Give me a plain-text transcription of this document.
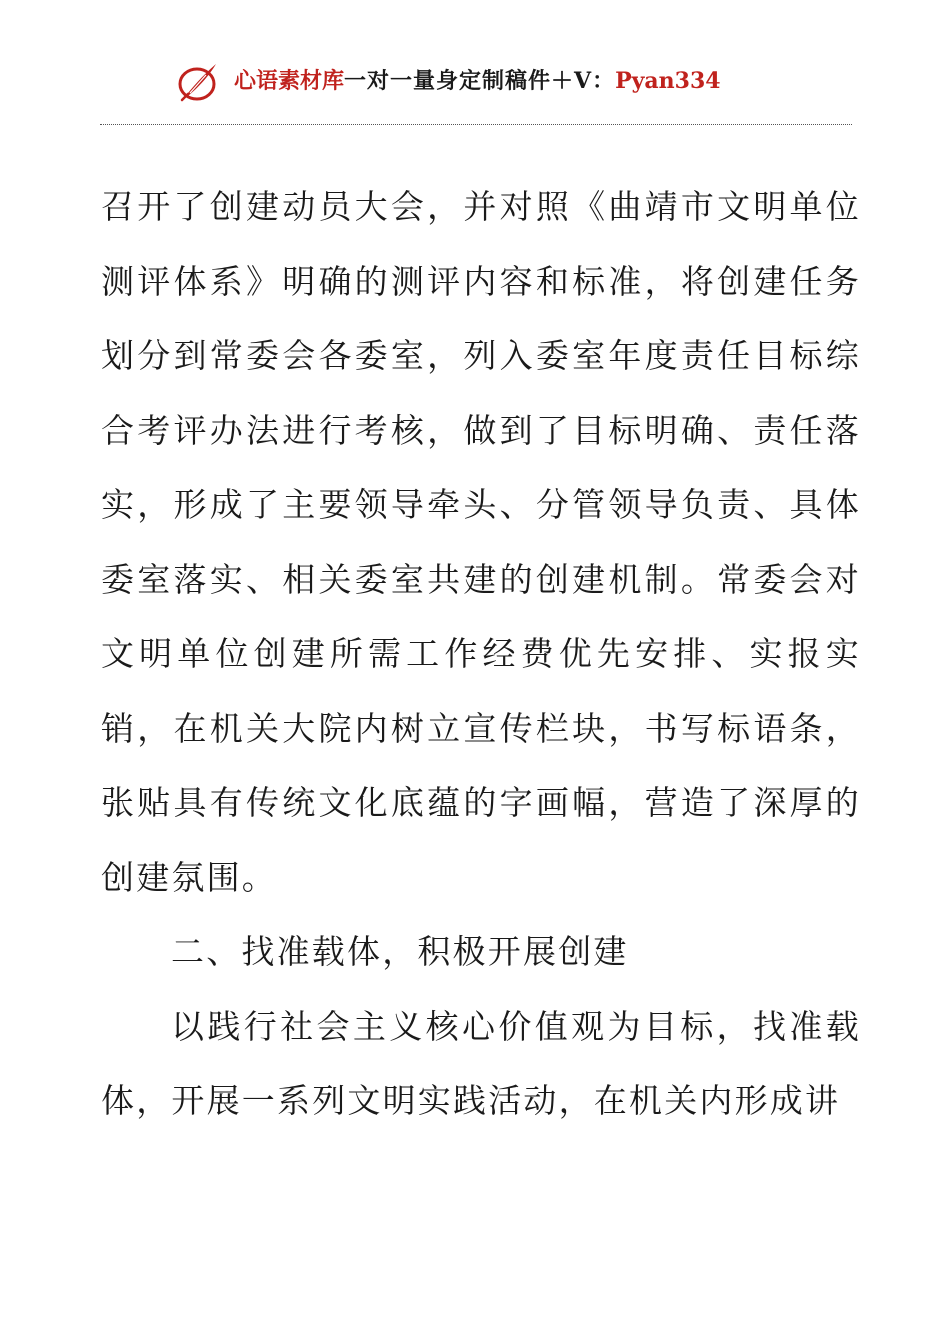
心语素材库一对一量身定制稿件＋V：Pyan334

召开了创建动员大会，并对照《曲靖市文明单位测评体系》明确的测评内容和标准，将创建任务划分到常委会各委室，列入委室年度责任目标综合考评办法进行考核，做到了目标明确、责任落实，形成了主要领导牵头、分管领导负责、具体委室落实、相关委室共建的创建机制。常委会对文明单位创建所需工作经费优先安排、实报实销，在机关大院内树立宣传栏块，书写标语条，张贴具有传统文化底蕴的字画幅，营造了深厚的创建氛围。

二、找准载体，积极开展创建

以践行社会主义核心价值观为目标，找准载体，开展一系列文明实践活动，在机关内形成讲
